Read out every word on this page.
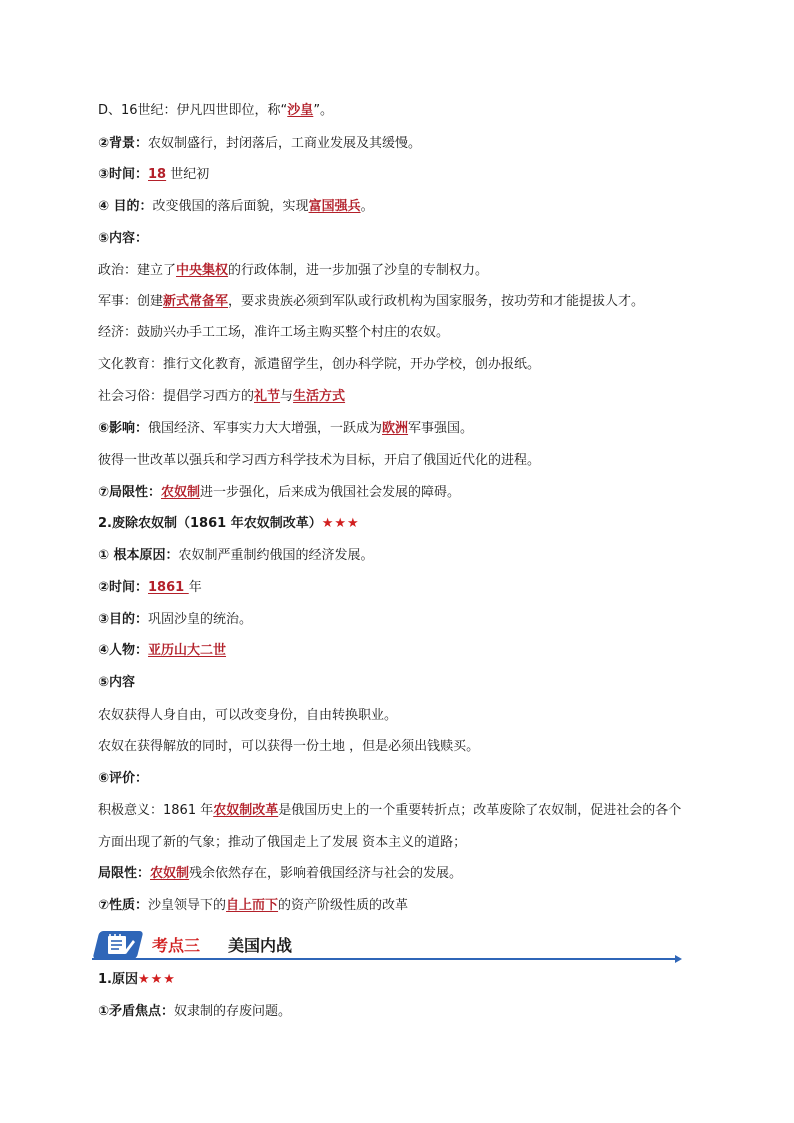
D、16世纪：伊凡四世即位，称“沙皇”。
②背景：农奴制盛行，封闭落后，工商业发展及其缓慢。
③时间：18 世纪初
④ 目的：改变俄国的落后面貌，实现富国强兵。
⑤内容：
政治：建立了中央集权的行政体制，进一步加强了沙皇的专制权力。
军事：创建新式常备军，要求贵族必须到军队或行政机构为国家服务，按功劳和才能提拔人才。
经济：鼓励兴办手工工场，准许工场主购买整个村庄的农奴。
文化教育：推行文化教育，派遣留学生，创办科学院，开办学校，创办报纸。
社会习俗：提倡学习西方的礼节与生活方式
⑥影响：俄国经济、军事实力大大增强，一跃成为欧洲军事强国。
彼得一世改革以强兵和学习西方科学技术为目标，开启了俄国近代化的进程。
⑦局限性：农奴制进一步强化，后来成为俄国社会发展的障碍。
2.废除农奴制（1861 年农奴制改革）★★★
① 根本原因：农奴制严重制约俄国的经济发展。
②时间：1861 年
③目的：巩固沙皇的统治。
④人物：亚历山大二世
⑤内容
农奴获得人身自由，可以改变身份，自由转换职业。
农奴在获得解放的同时，可以获得一份土地 ，但是必须出钱赎买。
⑥评价：
积极意义：1861 年农奴制改革是俄国历史上的一个重要转折点；改革废除了农奴制，促进社会的各个
方面出现了新的气象；推动了俄国走上了发展 资本主义的道路；
局限性：农奴制残余依然存在，影响着俄国经济与社会的发展。
⑦性质：沙皇领导下的自上而下的资产阶级性质的改革
1.原因★★★
①矛盾焦点：奴隶制的存废问题。
考点三 美国内战
